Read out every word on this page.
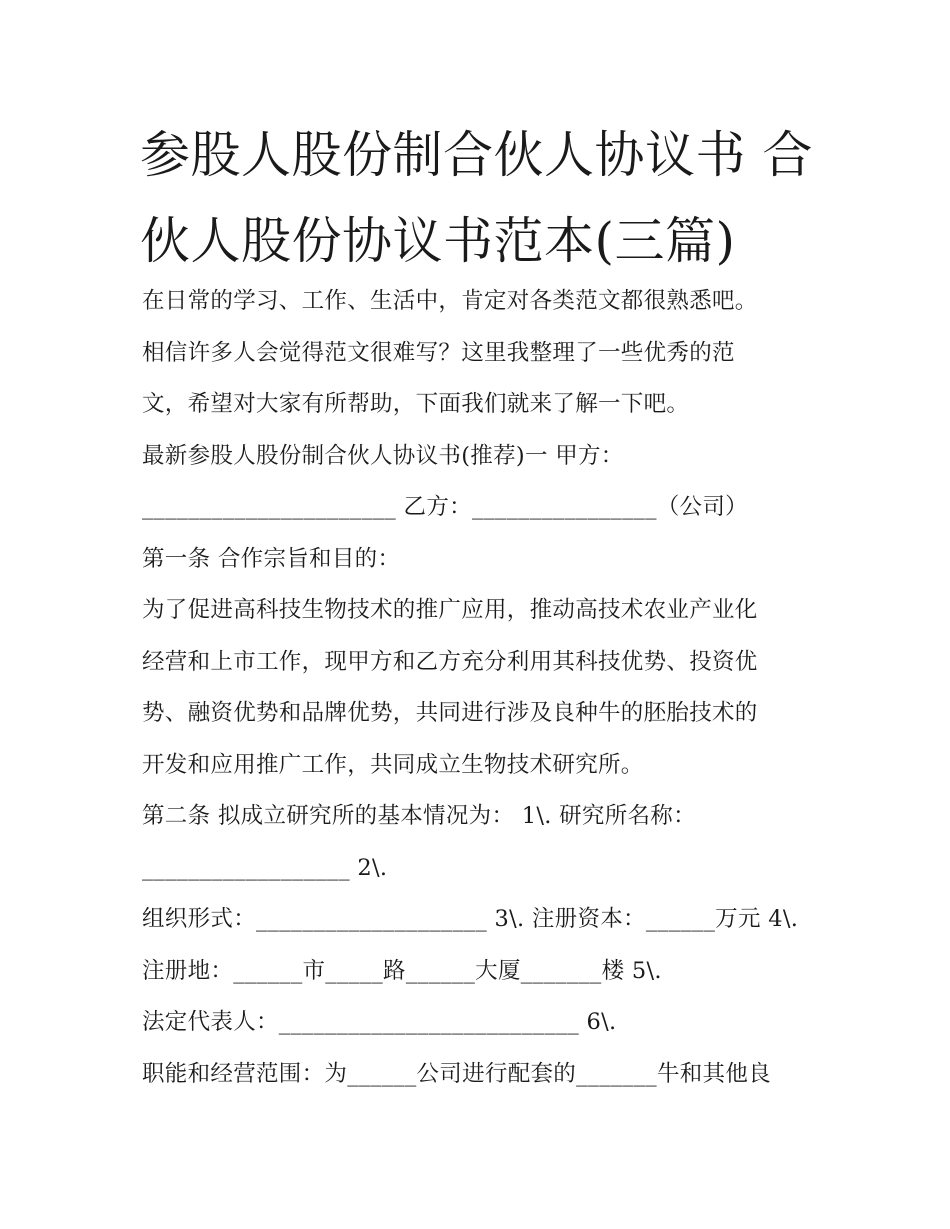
参股人股份制合伙人协议书 合
伙人股份协议书范本(三篇)
在日常的学习、工作、生活中，肯定对各类范文都很熟悉吧。
相信许多人会觉得范文很难写？这里我整理了一些优秀的范
文，希望对大家有所帮助，下面我们就来了解一下吧。
最新参股人股份制合伙人协议书(推荐)一 甲方：
______________________ 乙方：________________（公司）
第一条 合作宗旨和目的：
为了促进高科技生物技术的推广应用，推动高技术农业产业化
经营和上市工作，现甲方和乙方充分利用其科技优势、投资优
势、融资优势和品牌优势，共同进行涉及良种牛的胚胎技术的
开发和应用推广工作，共同成立生物技术研究所。
第二条 拟成立研究所的基本情况为： 1\. 研究所名称：
__________________ 2\.
组织形式：____________________ 3\. 注册资本：______万元 4\.
注册地：______市_____路______大厦_______楼 5\.
法定代表人：__________________________ 6\.
职能和经营范围：为______公司进行配套的_______牛和其他良
